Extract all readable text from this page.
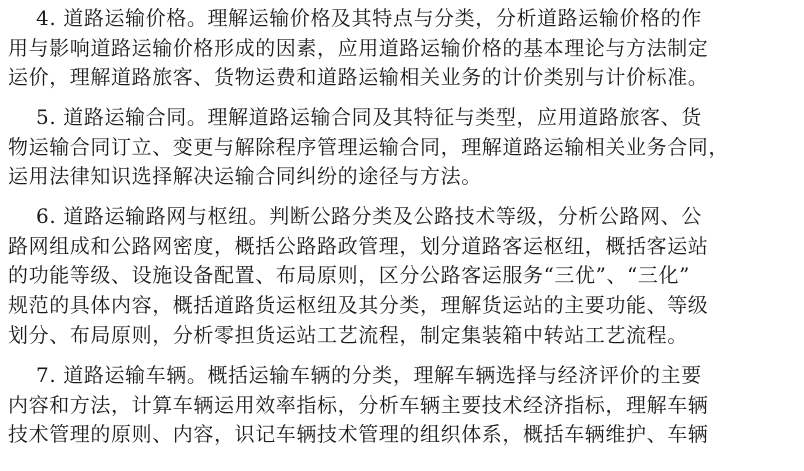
4. 道路运输价格。理解运输价格及其特点与分类，分析道路运输价格的作
用与影响道路运输价格形成的因素，应用道路运输价格的基本理论与方法制定
运价，理解道路旅客、货物运费和道路运输相关业务的计价类别与计价标准。
5. 道路运输合同。理解道路运输合同及其特征与类型，应用道路旅客、货
物运输合同订立、变更与解除程序管理运输合同，理解道路运输相关业务合同，
运用法律知识选择解决运输合同纠纷的途径与方法。
6. 道路运输路网与枢纽。判断公路分类及公路技术等级，分析公路网、公
路网组成和公路网密度，概括公路路政管理，划分道路客运枢纽，概括客运站
的功能等级、设施设备配置、布局原则，区分公路客运服务“三优”、“三化”
规范的具体内容，概括道路货运枢纽及其分类，理解货运站的主要功能、等级
划分、布局原则，分析零担货运站工艺流程，制定集装箱中转站工艺流程。
7. 道路运输车辆。概括运输车辆的分类，理解车辆选择与经济评价的主要
内容和方法，计算车辆运用效率指标，分析车辆主要技术经济指标，理解车辆
技术管理的原则、内容，识记车辆技术管理的组织体系，概括车辆维护、车辆
